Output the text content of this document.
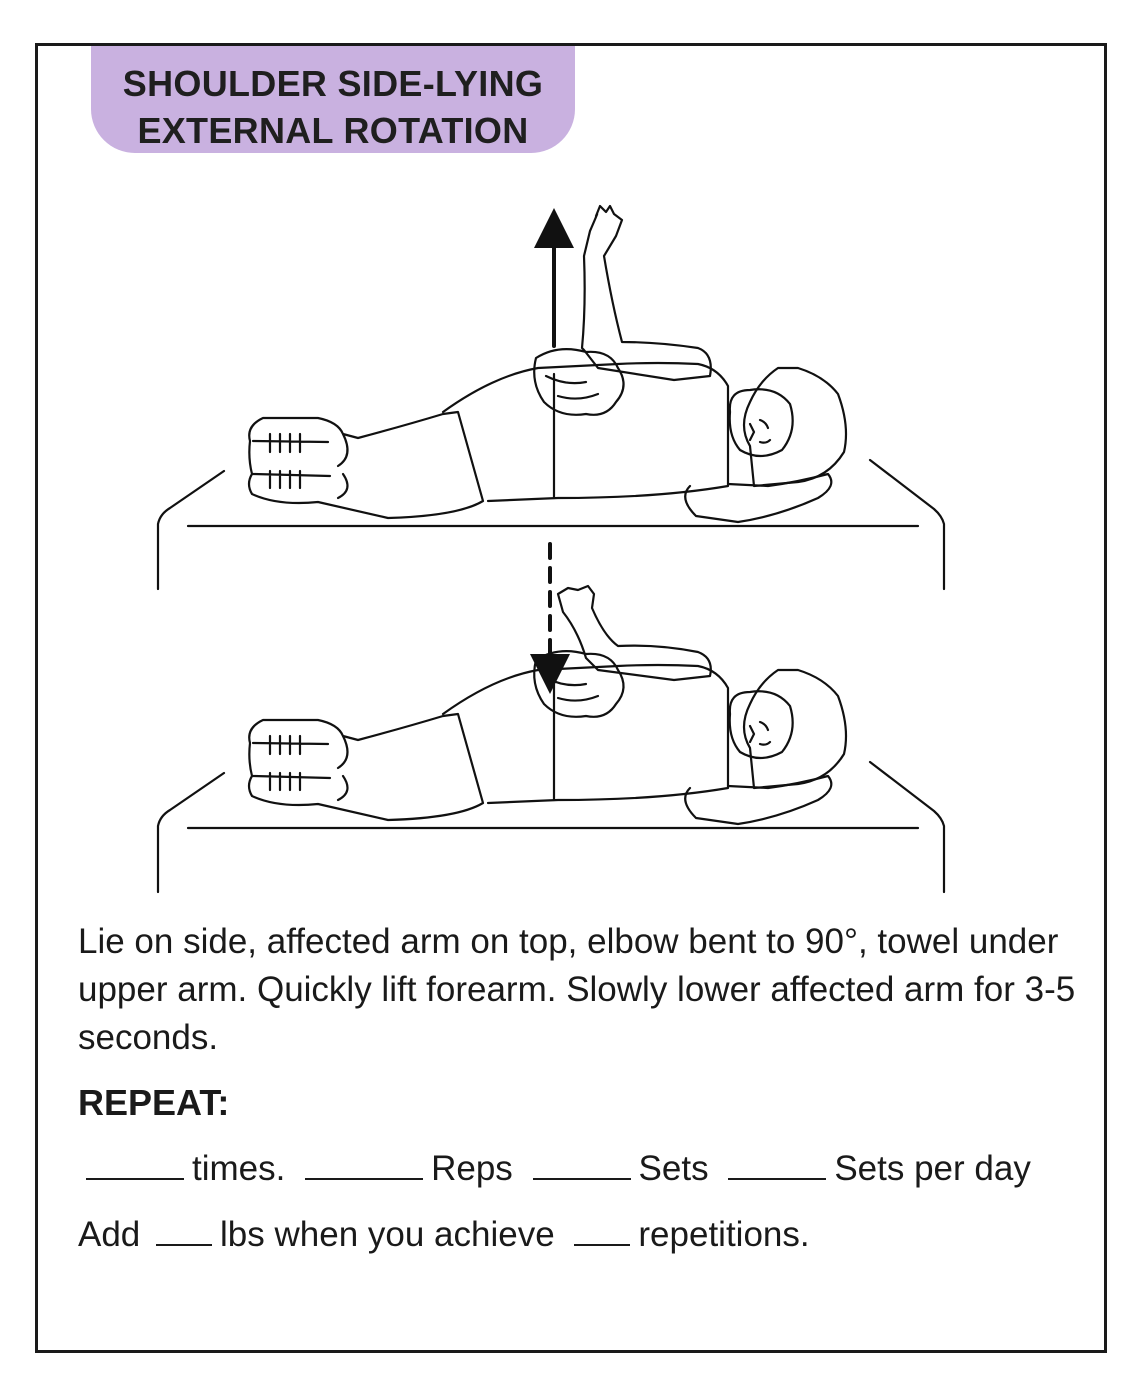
SHOULDER SIDE-LYING
EXTERNAL ROTATION
Lie on side, affected arm on top, elbow bent to 90°, towel under upper arm. Quickly lift forearm. Slowly lower affected arm for 3-5 seconds.
REPEAT:
times.	Reps	Sets	Sets per day
Add lbs when you achieve repetitions.
